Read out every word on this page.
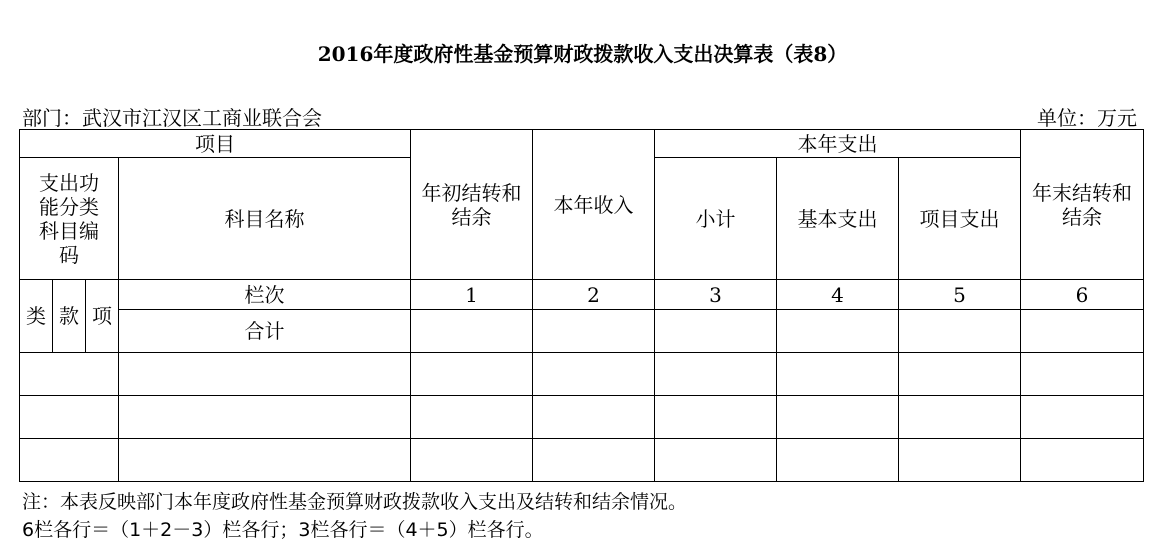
2016年度政府性基金预算财政拨款收入支出决算表（表8）
部门：武汉市江汉区工商业联合会	单位：万元
项目				年初结转和结余	本年收入	本年支出			年末结转和结余
支出功能分类科目编码			科目名称			小计	基本支出	项目支出	
类	款	项	栏次	1	2	3	4	5	6
			合计						

注：本表反映部门本年度政府性基金预算财政拨款收入支出及结转和结余情况。
6栏各行＝（1＋2－3）栏各行；3栏各行＝（4＋5）栏各行。
